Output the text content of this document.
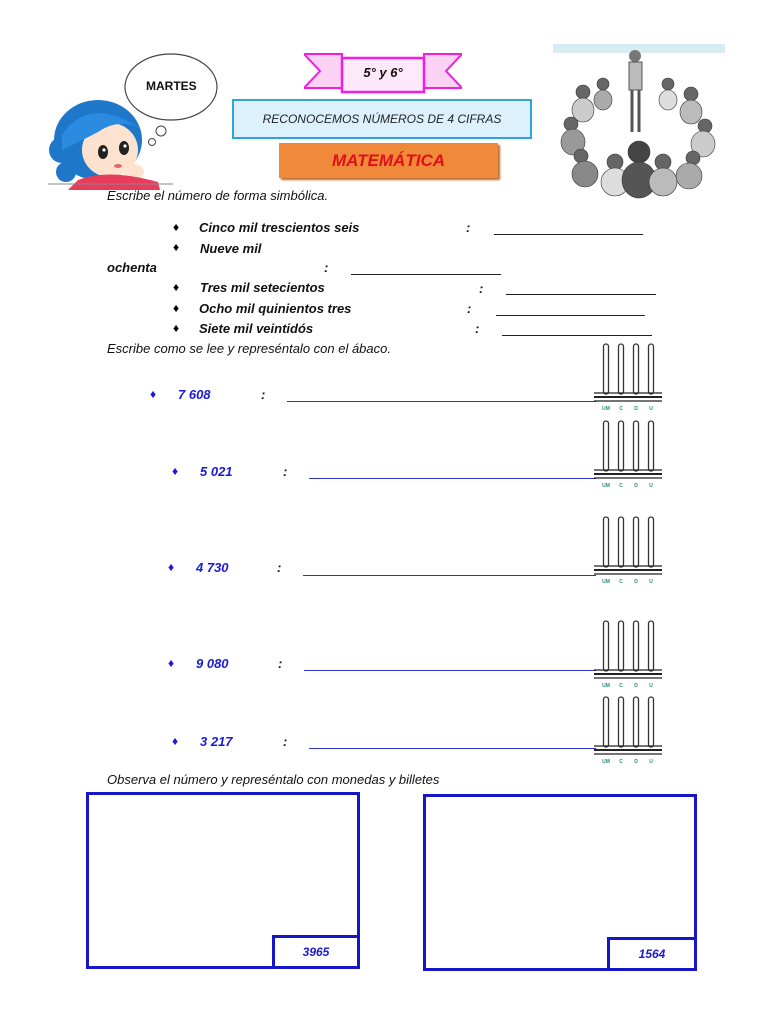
MARTES
5° y 6°
RECONOCEMOS NÚMEROS DE 4 CIFRAS
MATEMÁTICA
Escribe el número de forma simbólica.
♦ Cinco mil trescientos seis	:
♦ Nueve mil
ochenta	:
♦ Tres mil setecientos	:
♦ Ocho mil quinientos tres	:
♦ Siete mil veintidós	:
Escribe como se lee y represéntalo con el ábaco.
♦ 7 608	:
UM C D U
♦ 5 021	:
UM C D U
♦ 4 730	:
UM C D U
♦ 9 080	:
UM C D U
♦ 3 217	:
UM C D U
Observa el número y represéntalo con monedas y billetes
3965	1564
